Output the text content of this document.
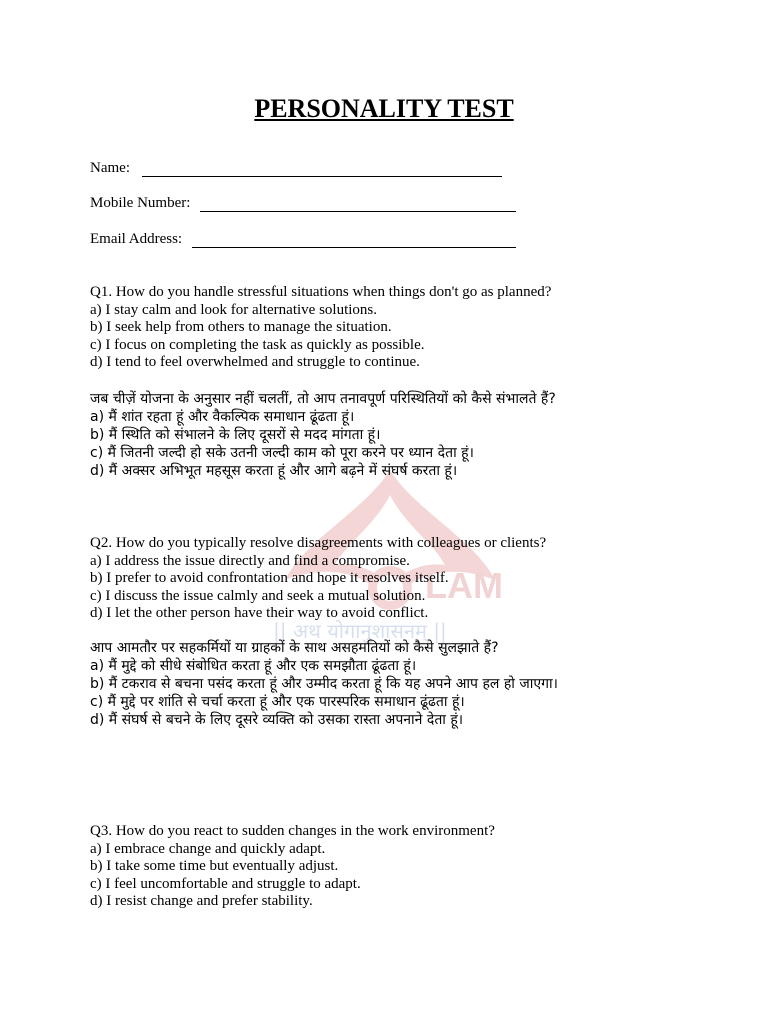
LAM
|| अथ योगानुशासनम् ||
PERSONALITY TEST
Name:
Mobile Number:
Email Address:
Q1. How do you handle stressful situations when things don't go as planned?
a) I stay calm and look for alternative solutions.
b) I seek help from others to manage the situation.
c) I focus on completing the task as quickly as possible.
d) I tend to feel overwhelmed and struggle to continue.
जब चीज़ें योजना के अनुसार नहीं चलतीं, तो आप तनावपूर्ण परिस्थितियों को कैसे संभालते हैं?
a) मैं शांत रहता हूं और वैकल्पिक समाधान ढूंढता हूं।
b) मैं स्थिति को संभालने के लिए दूसरों से मदद मांगता हूं।
c) मैं जितनी जल्दी हो सके उतनी जल्दी काम को पूरा करने पर ध्यान देता हूं।
d) मैं अक्सर अभिभूत महसूस करता हूं और आगे बढ़ने में संघर्ष करता हूं।
Q2. How do you typically resolve disagreements with colleagues or clients?
a) I address the issue directly and find a compromise.
b) I prefer to avoid confrontation and hope it resolves itself.
c) I discuss the issue calmly and seek a mutual solution.
d) I let the other person have their way to avoid conflict.
आप आमतौर पर सहकर्मियों या ग्राहकों के साथ असहमतियों को कैसे सुलझाते हैं?
a) मैं मुद्दे को सीधे संबोधित करता हूं और एक समझौता ढूंढता हूं।
b) मैं टकराव से बचना पसंद करता हूं और उम्मीद करता हूं कि यह अपने आप हल हो जाएगा।
c) मैं मुद्दे पर शांति से चर्चा करता हूं और एक पारस्परिक समाधान ढूंढता हूं।
d) मैं संघर्ष से बचने के लिए दूसरे व्यक्ति को उसका रास्ता अपनाने देता हूं।
Q3. How do you react to sudden changes in the work environment?
a) I embrace change and quickly adapt.
b) I take some time but eventually adjust.
c) I feel uncomfortable and struggle to adapt.
d) I resist change and prefer stability.
